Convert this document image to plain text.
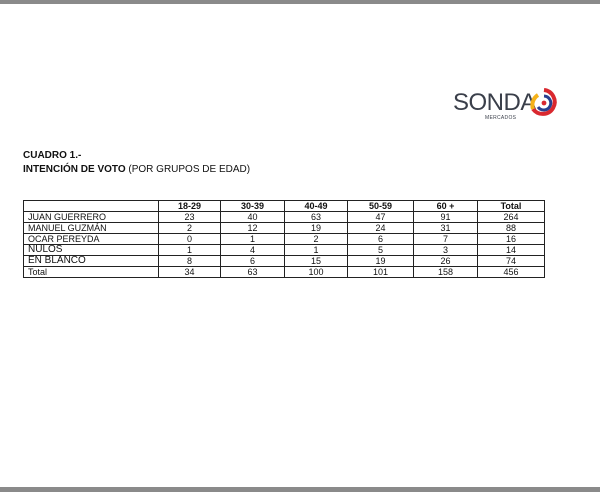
SONDA
MERCADOS
CUADRO 1.-
INTENCIÓN DE VOTO (POR GRUPOS DE EDAD)
	18-29	30-39	40-49	50-59	60 +	Total
JUAN GUERRERO	23	40	63	47	91	264
MANUEL GUZMÁN	2	12	19	24	31	88
OCAR PEREYDA	0	1	2	6	7	16
NULOS	1	4	1	5	3	14
EN BLANCO	8	6	15	19	26	74
Total	34	63	100	101	158	456
